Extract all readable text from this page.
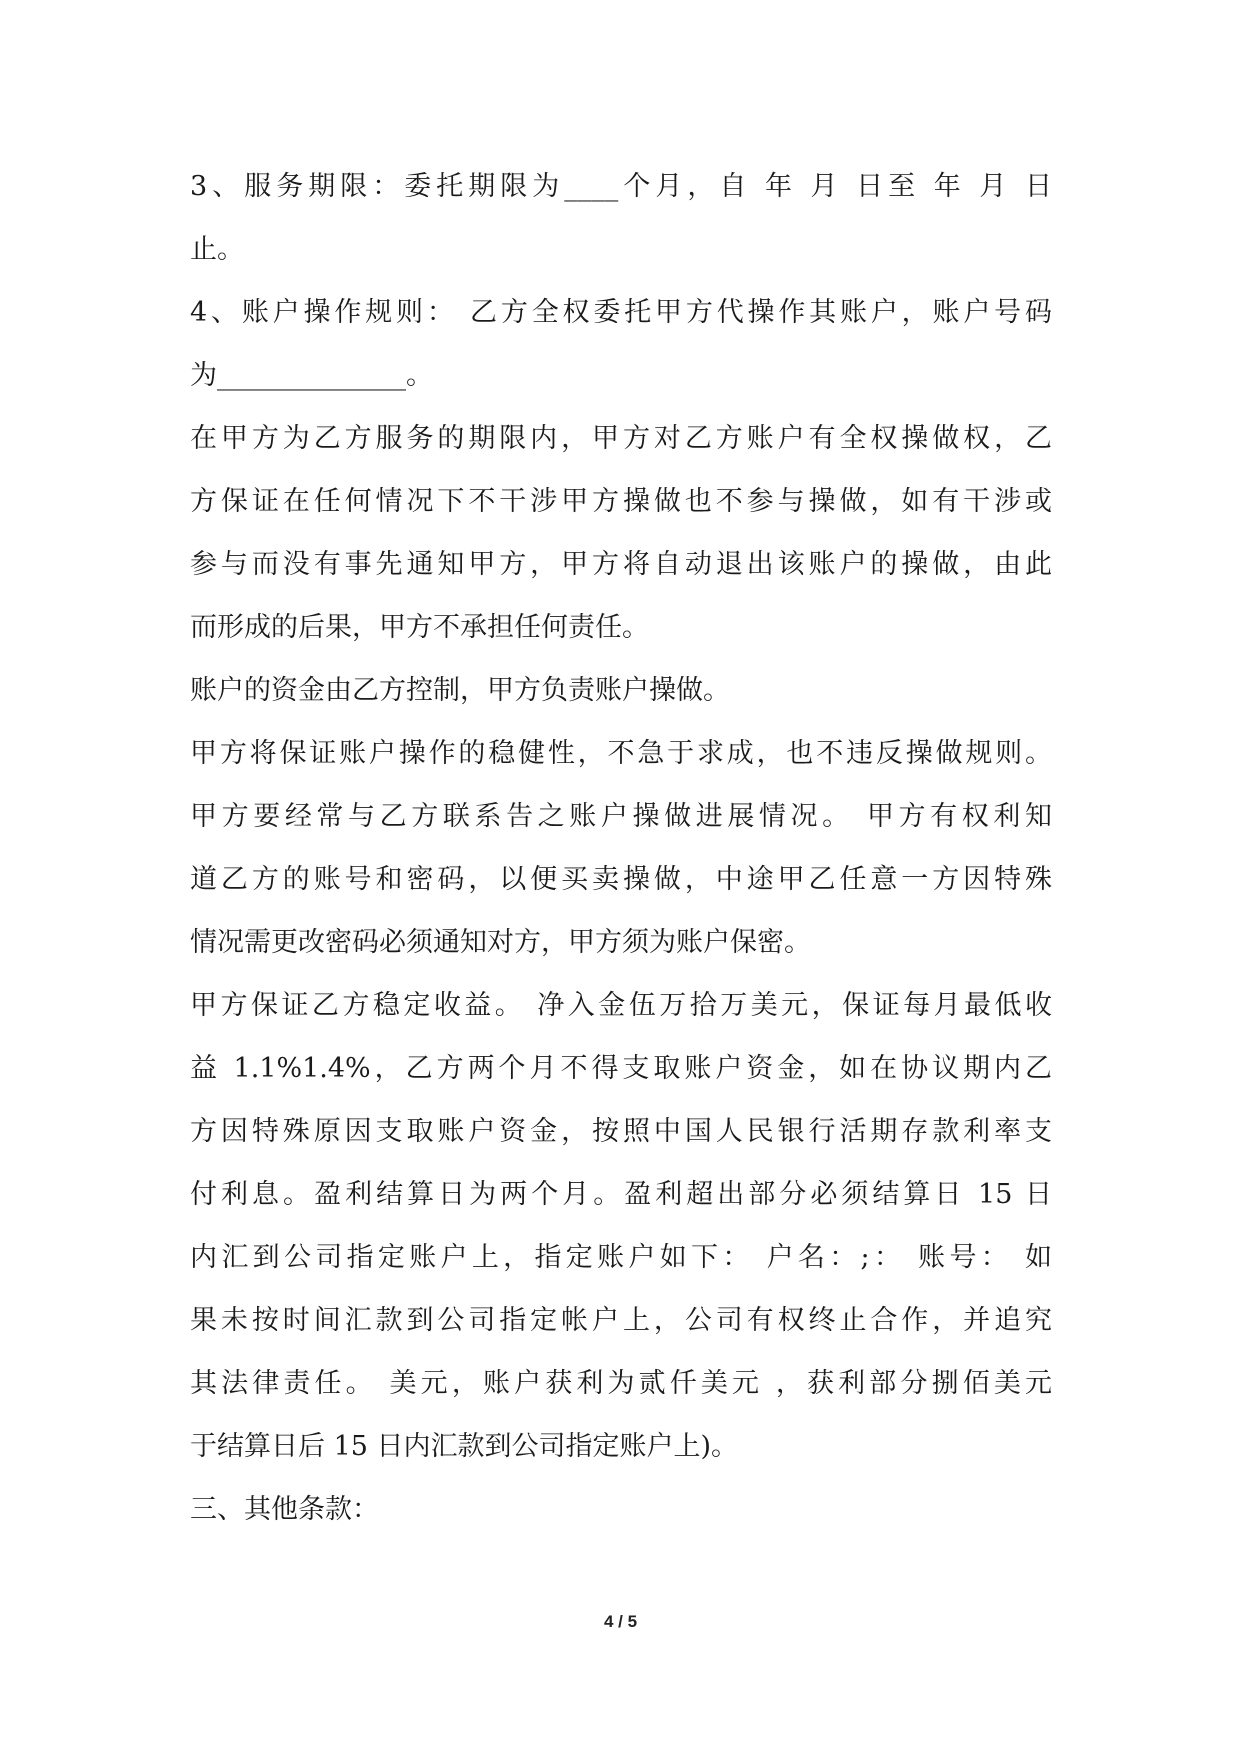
3、服务期限：委托期限为____个月，自 年 月 日至 年 月 日
止。
4、账户操作规则： 乙方全权委托甲方代操作其账户，账户号码
为______________。
在甲方为乙方服务的期限内，甲方对乙方账户有全权操做权，乙
方保证在任何情况下不干涉甲方操做也不参与操做，如有干涉或
参与而没有事先通知甲方，甲方将自动退出该账户的操做，由此
而形成的后果，甲方不承担任何责任。
账户的资金由乙方控制，甲方负责账户操做。
甲方将保证账户操作的稳健性，不急于求成，也不违反操做规则。
甲方要经常与乙方联系告之账户操做进展情况。 甲方有权利知
道乙方的账号和密码，以便买卖操做，中途甲乙任意一方因特殊
情况需更改密码必须通知对方，甲方须为账户保密。
甲方保证乙方稳定收益。 净入金伍万拾万美元，保证每月最低收
益 1.1%1.4%，乙方两个月不得支取账户资金，如在协议期内乙
方因特殊原因支取账户资金，按照中国人民银行活期存款利率支
付利息。盈利结算日为两个月。盈利超出部分必须结算日 15 日
内汇到公司指定账户上，指定账户如下： 户名：;： 账号： 如
果未按时间汇款到公司指定帐户上，公司有权终止合作，并追究
其法律责任。 美元，账户获利为贰仟美元 ，获利部分捌佰美元
于结算日后 15 日内汇款到公司指定账户上)。
三、其他条款：
4 / 5
